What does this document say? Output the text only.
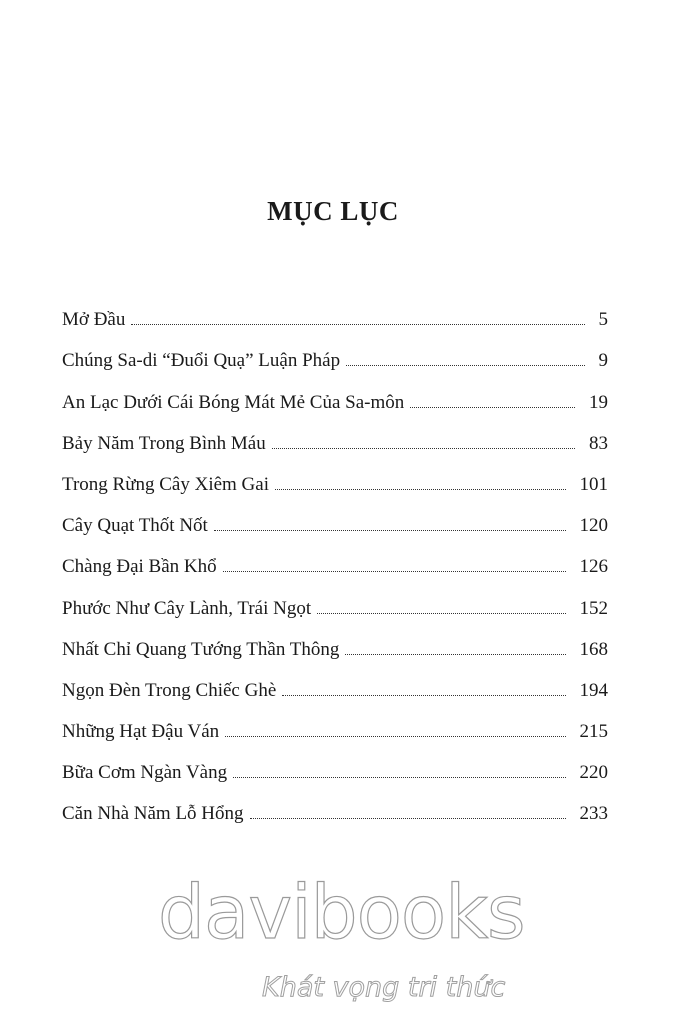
MỤC LỤC
Mở Đầu	5
Chúng Sa-di “Đuổi Quạ” Luận Pháp	9
An Lạc Dưới Cái Bóng Mát Mẻ Của Sa-môn	19
Bảy Năm Trong Bình Máu	83
Trong Rừng Cây Xiêm Gai	101
Cây Quạt Thốt Nốt	120
Chàng Đại Bần Khổ	126
Phước Như Cây Lành, Trái Ngọt	152
Nhất Chỉ Quang Tướng Thần Thông	168
Ngọn Đèn Trong Chiếc Ghè	194
Những Hạt Đậu Ván	215
Bữa Cơm Ngàn Vàng	220
Căn Nhà Năm Lỗ Hổng	233
davibooks
Khát vọng tri thức
